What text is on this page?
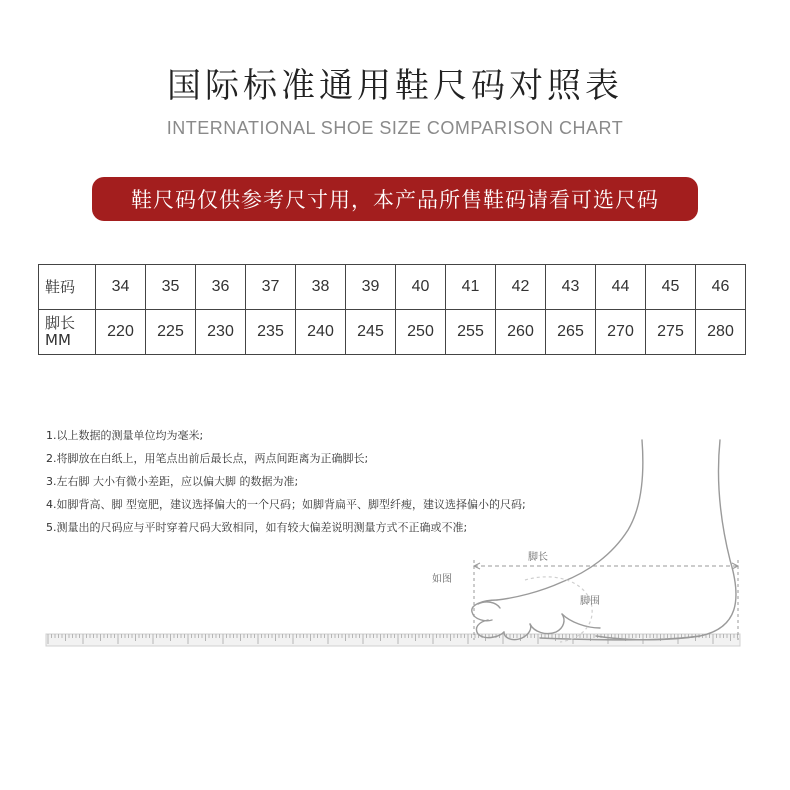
国际标准通用鞋尺码对照表
INTERNATIONAL SHOE SIZE COMPARISON CHART
鞋尺码仅供参考尺寸用，本产品所售鞋码请看可选尺码
鞋码	34	35	36	37	38	39	40	41	42	43	44	45	46

脚长
MM	220	225	230	235	240	245	250	255	260	265	270	275	280
1.以上数据的测量单位均为毫米;
2.将脚放在白纸上，用笔点出前后最长点，两点间距离为正确脚长;
3.左右脚 大小有微小差距，应以偏大脚 的数据为准;
4.如脚背高、脚 型宽肥，建议选择偏大的一个尺码；如脚背扁平、脚型纤瘦，建议选择偏小的尺码;
5.测量出的尺码应与平时穿着尺码大致相同，如有较大偏差说明测量方式不正确或不准;
如图
脚长
脚围
